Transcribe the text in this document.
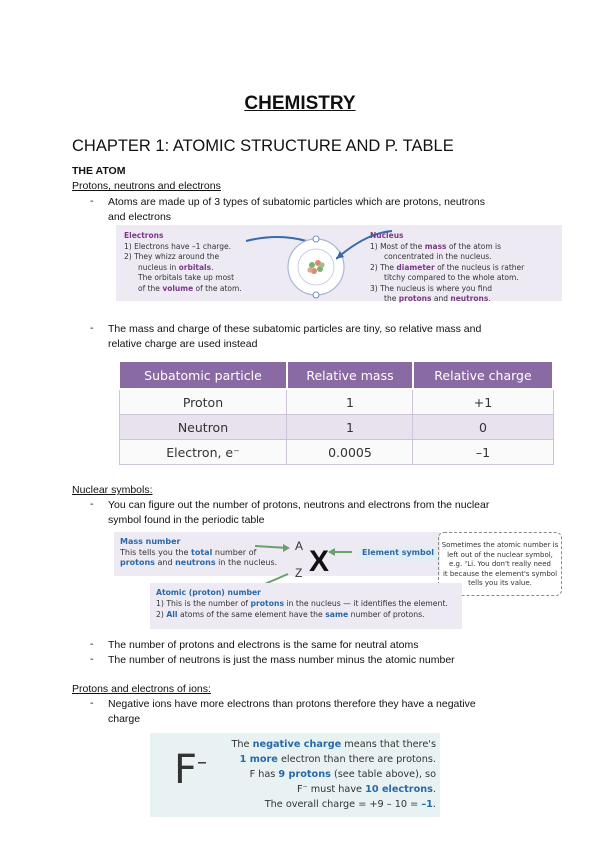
CHEMISTRY
CHAPTER 1: ATOMIC STRUCTURE AND P. TABLE
THE ATOM
Protons, neutrons and electrons
- Atoms are made up of 3 types of subatomic particles which are protons, neutrons
and electrons
Electrons
1) Electrons have –1 charge.
2) They whizz around the
nucleus in orbitals.
The orbitals take up most
of the volume of the atom.
Nucleus
1) Most of the mass of the atom is
concentrated in the nucleus.
2) The diameter of the nucleus is rather
titchy compared to the whole atom.
3) The nucleus is where you find
the protons and neutrons.
- The mass and charge of these subatomic particles are tiny, so relative mass and
relative charge are used instead
Subatomic particle	Relative mass	Relative charge
Proton	1	+1
Neutron	1	0
Electron, e⁻	0.0005	–1
Nuclear symbols:
- You can figure out the number of protons, neutrons and electrons from the nuclear
symbol found in the periodic table
Mass number
This tells you the total number of
protons and neutrons in the nucleus.
A
Z X	Element symbol
Sometimes the atomic number is
left out of the nuclear symbol,
e.g. ⁷Li. You don't really need
it because the element's symbol
tells you its value.
Atomic (proton) number
1) This is the number of protons in the nucleus — it identifies the element.
2) All atoms of the same element have the same number of protons.
- The number of protons and electrons is the same for neutral atoms
- The number of neutrons is just the mass number minus the atomic number
Protons and electrons of ions:
- Negative ions have more electrons than protons therefore they have a negative
charge
F–
The negative charge means that there's
1 more electron than there are protons.
F has 9 protons (see table above), so
F⁻ must have 10 electrons.
The overall charge = +9 – 10 = –1.
